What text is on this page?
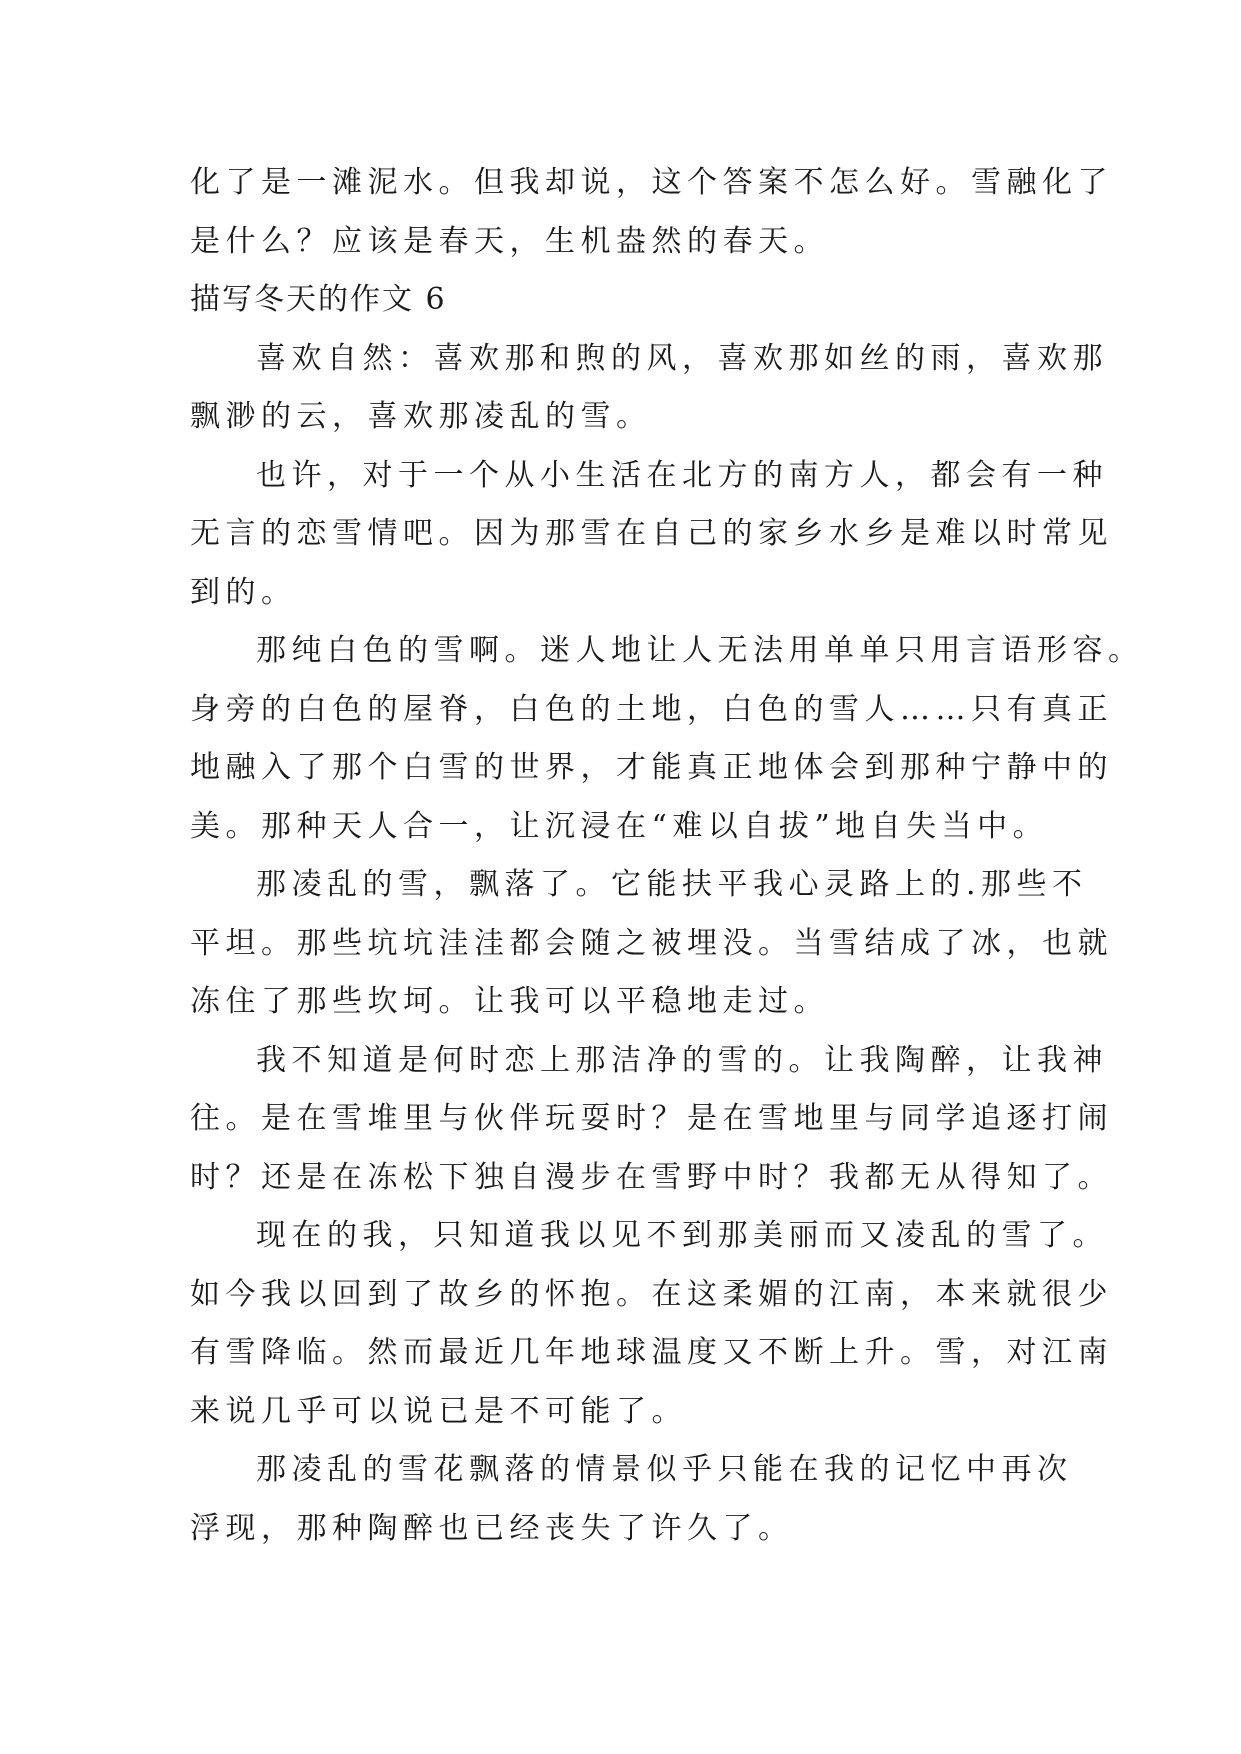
化了是一滩泥水。但我却说，这个答案不怎么好。雪融化了
是什么？应该是春天，生机盎然的春天。
描写冬天的作文 6
喜欢自然：喜欢那和煦的风，喜欢那如丝的雨，喜欢那
飘渺的云，喜欢那凌乱的雪。
也许，对于一个从小生活在北方的南方人，都会有一种
无言的恋雪情吧。因为那雪在自己的家乡水乡是难以时常见
到的。
那纯白色的雪啊。迷人地让人无法用单单只用言语形容。
身旁的白色的屋脊，白色的土地，白色的雪人……只有真正
地融入了那个白雪的世界，才能真正地体会到那种宁静中的
美。那种天人合一，让沉浸在“难以自拔”地自失当中。
那凌乱的雪，飘落了。它能扶平我心灵路上的.那些不
平坦。那些坑坑洼洼都会随之被埋没。当雪结成了冰，也就
冻住了那些坎坷。让我可以平稳地走过。
我不知道是何时恋上那洁净的雪的。让我陶醉，让我神
往。是在雪堆里与伙伴玩耍时？是在雪地里与同学追逐打闹
时？还是在冻松下独自漫步在雪野中时？我都无从得知了。
现在的我，只知道我以见不到那美丽而又凌乱的雪了。
如今我以回到了故乡的怀抱。在这柔媚的江南，本来就很少
有雪降临。然而最近几年地球温度又不断上升。雪，对江南
来说几乎可以说已是不可能了。
那凌乱的雪花飘落的情景似乎只能在我的记忆中再次
浮现，那种陶醉也已经丧失了许久了。
